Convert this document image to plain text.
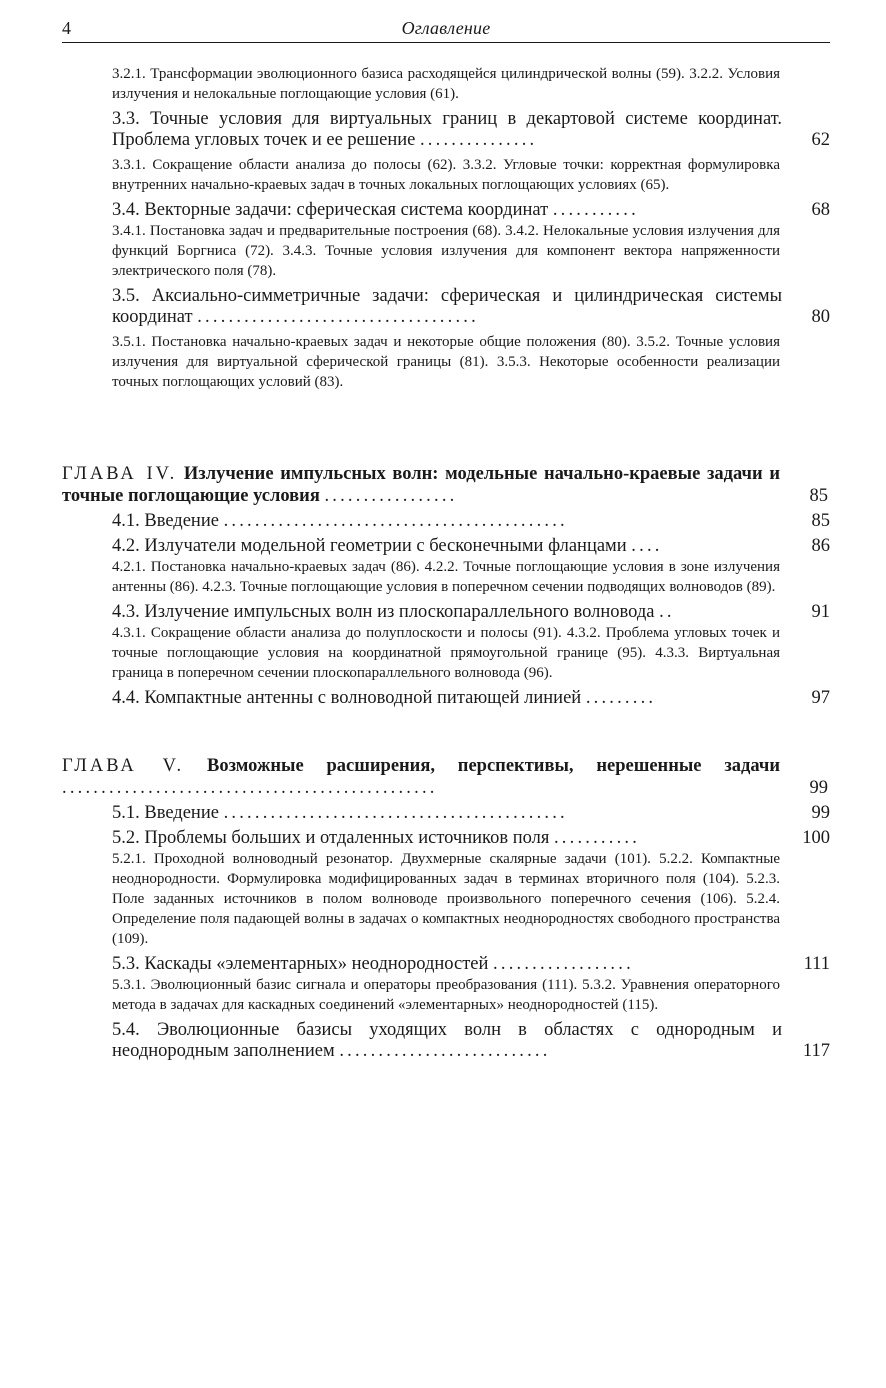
4	Оглавление
3.2.1. Трансформации эволюционного базиса расходящейся цилиндрической волны (59). 3.2.2. Условия излучения и нелокальные поглощающие условия (61).
3.3. Точные условия для виртуальных границ в декартовой системе координат. Проблема угловых точек и ее решение ...............	62
3.3.1. Сокращение области анализа до полосы (62). 3.3.2. Угловые точки: корректная формулировка внутренних начально-краевых задач в точных локальных поглощающих условиях (65).
3.4. Векторные задачи: сферическая система координат ...........	68
3.4.1. Постановка задач и предварительные построения (68). 3.4.2. Нелокальные условия излучения для функций Боргниса (72). 3.4.3. Точные условия излучения для компонент вектора напряженности электрического поля (78).
3.5. Аксиально-симметричные задачи: сферическая и цилиндрическая системы координат ....................................	80
3.5.1. Постановка начально-краевых задач и некоторые общие положения (80). 3.5.2. Точные условия излучения для виртуальной сферической границы (81). 3.5.3. Некоторые особенности реализации точных поглощающих условий (83).
ГЛАВА IV. Излучение импульсных волн: модельные начально-краевые задачи и точные поглощающие условия .................	85
4.1. Введение ............................................	85
4.2. Излучатели модельной геометрии с бесконечными фланцами ....	86
4.2.1. Постановка начально-краевых задач (86). 4.2.2. Точные поглощающие условия в зоне излучения антенны (86). 4.2.3. Точные поглощающие условия в поперечном сечении подводящих волноводов (89).
4.3. Излучение импульсных волн из плоскопараллельного волновода ..	91
4.3.1. Сокращение области анализа до полуплоскости и полосы (91). 4.3.2. Проблема угловых точек и точные поглощающие условия на координатной прямоугольной границе (95). 4.3.3. Виртуальная граница в поперечном сечении плоскопараллельного волновода (96).
4.4. Компактные антенны с волноводной питающей линией .........	97
ГЛАВА V. Возможные расширения, перспективы, нерешенные задачи ................................................	99
5.1. Введение ............................................	99
5.2. Проблемы больших и отдаленных источников поля ...........	100
5.2.1. Проходной волноводный резонатор. Двухмерные скалярные задачи (101). 5.2.2. Компактные неоднородности. Формулировка модифицированных задач в терминах вторичного поля (104). 5.2.3. Поле заданных источников в полом волноводе произвольного поперечного сечения (106). 5.2.4. Определение поля падающей волны в задачах о компактных неоднородностях свободного пространства (109).
5.3. Каскады «элементарных» неоднородностей ..................	111
5.3.1. Эволюционный базис сигнала и операторы преобразования (111). 5.3.2. Уравнения операторного метода в задачах для каскадных соединений «элементарных» неоднородностей (115).
5.4. Эволюционные базисы уходящих волн в областях с однородным и неоднородным заполнением ...........................	117
